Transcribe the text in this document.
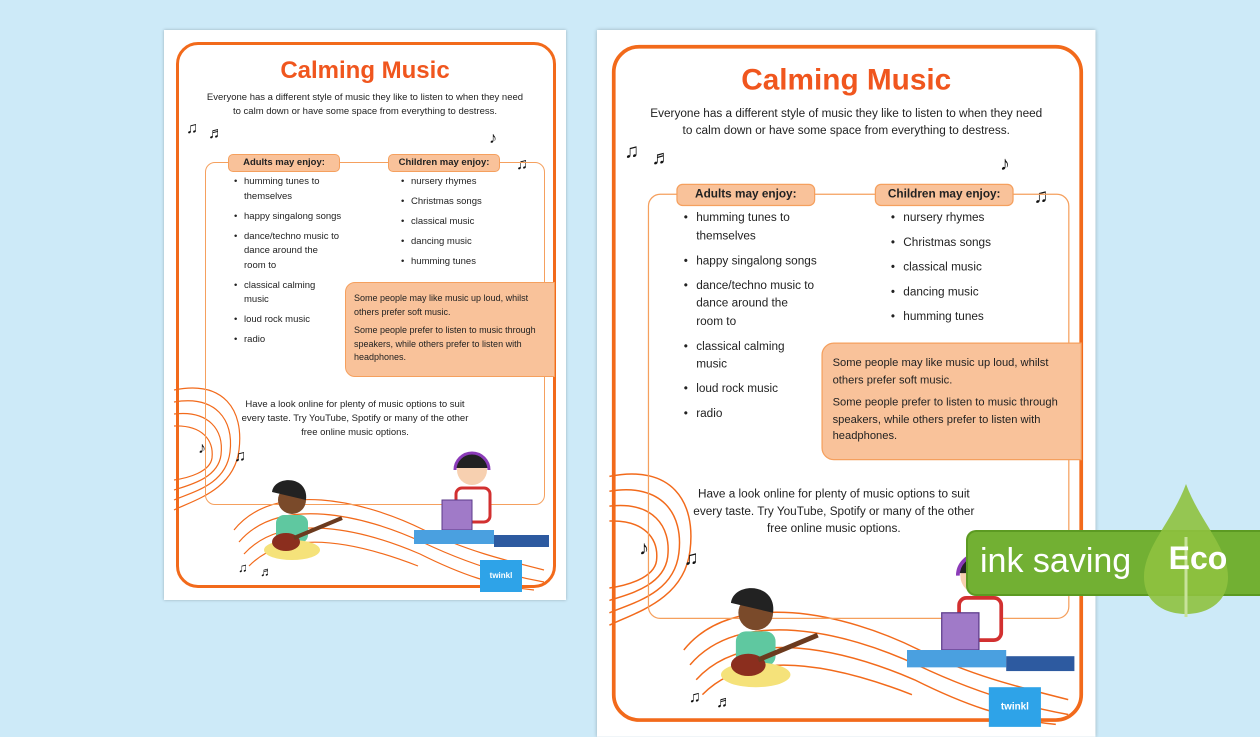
Calming Music
Everyone has a different style of music they like to listen to when they need to calm down or have some space from everything to destress.
♫ ♬	♪
♫
♪ ♫
♫ ♬
Adults may enjoy:	Children may enjoy:
• humming tunes to themselves
• happy singalong songs
• dance/techno music to dance around the room to
• classical calming music
• loud rock music
• radio
• nursery rhymes
• Christmas songs
• classical music
• dancing music
• humming tunes

Some people may like music up loud, whilst others prefer soft music.

Some people prefer to listen to music through speakers, while others prefer to listen with headphones.

Have a look online for plenty of music options to suit every taste. Try YouTube, Spotify or many of the other free online music options.
twinkl
Calming Music
Everyone has a different style of music they like to listen to when they need to calm down or have some space from everything to destress.
♫ ♬	♪
♫
♪ ♫
♫ ♬
Adults may enjoy:	Children may enjoy:
• humming tunes to themselves
• happy singalong songs
• dance/techno music to dance around the room to
• classical calming music
• loud rock music
• radio
• nursery rhymes
• Christmas songs
• classical music
• dancing music
• humming tunes

Some people may like music up loud, whilst others prefer soft music.

Some people prefer to listen to music through speakers, while others prefer to listen with headphones.

Have a look online for plenty of music options to suit every taste. Try YouTube, Spotify or many of the other free online music options.
twinkl
ink saving Eco
